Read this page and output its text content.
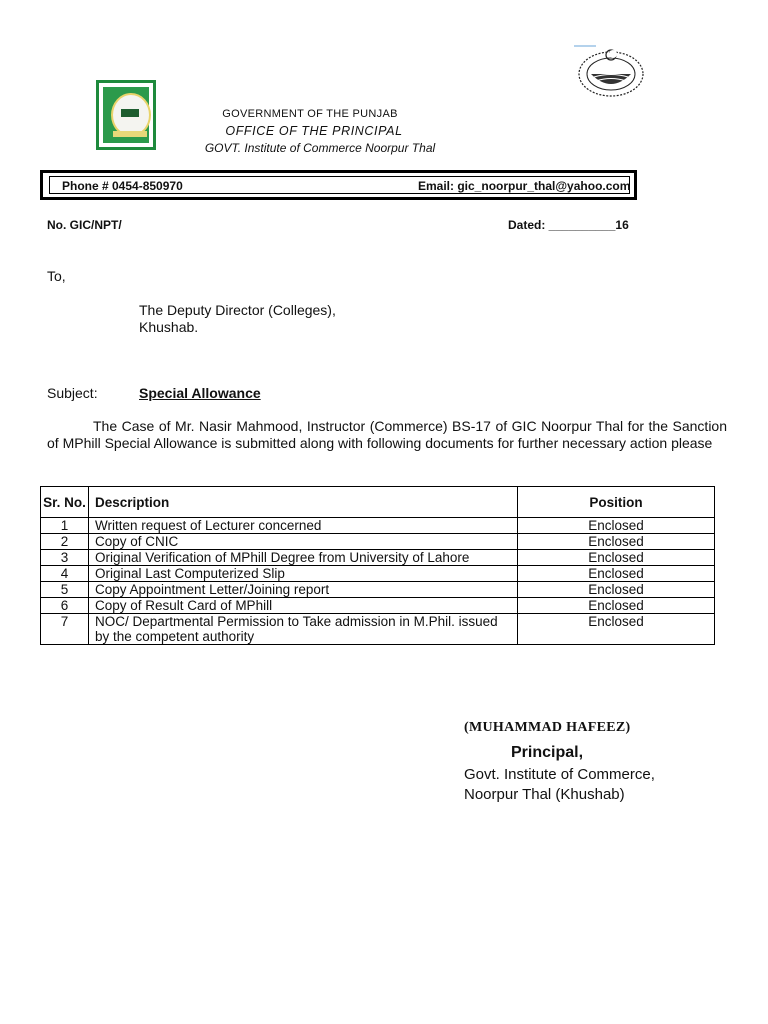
GOVERNMENT OF THE PUNJAB
OFFICE OF THE PRINCIPAL
GOVT. Institute of Commerce Noorpur Thal
Phone # 0454-850970	Email: gic_noorpur_thal@yahoo.com
No. GIC/NPT/	Dated: __________16
To,
The Deputy Director (Colleges),
Khushab.
Subject:	Special Allowance
The Case of Mr. Nasir Mahmood, Instructor (Commerce) BS-17 of GIC Noorpur Thal for the Sanction of MPhill Special Allowance is submitted along with following documents for further necessary action please
Sr. No.	Description	Position
1	Written request of Lecturer concerned	Enclosed
2	Copy of CNIC	Enclosed
3	Original Verification of MPhill Degree from University of Lahore	Enclosed
4	Original Last Computerized Slip	Enclosed
5	Copy Appointment Letter/Joining report	Enclosed
6	Copy of Result Card of MPhill	Enclosed
7	NOC/ Departmental Permission to Take admission in M.Phil. issued by the competent authority	Enclosed
(MUHAMMAD HAFEEZ)
Principal,
Govt. Institute of Commerce,
Noorpur Thal (Khushab)
